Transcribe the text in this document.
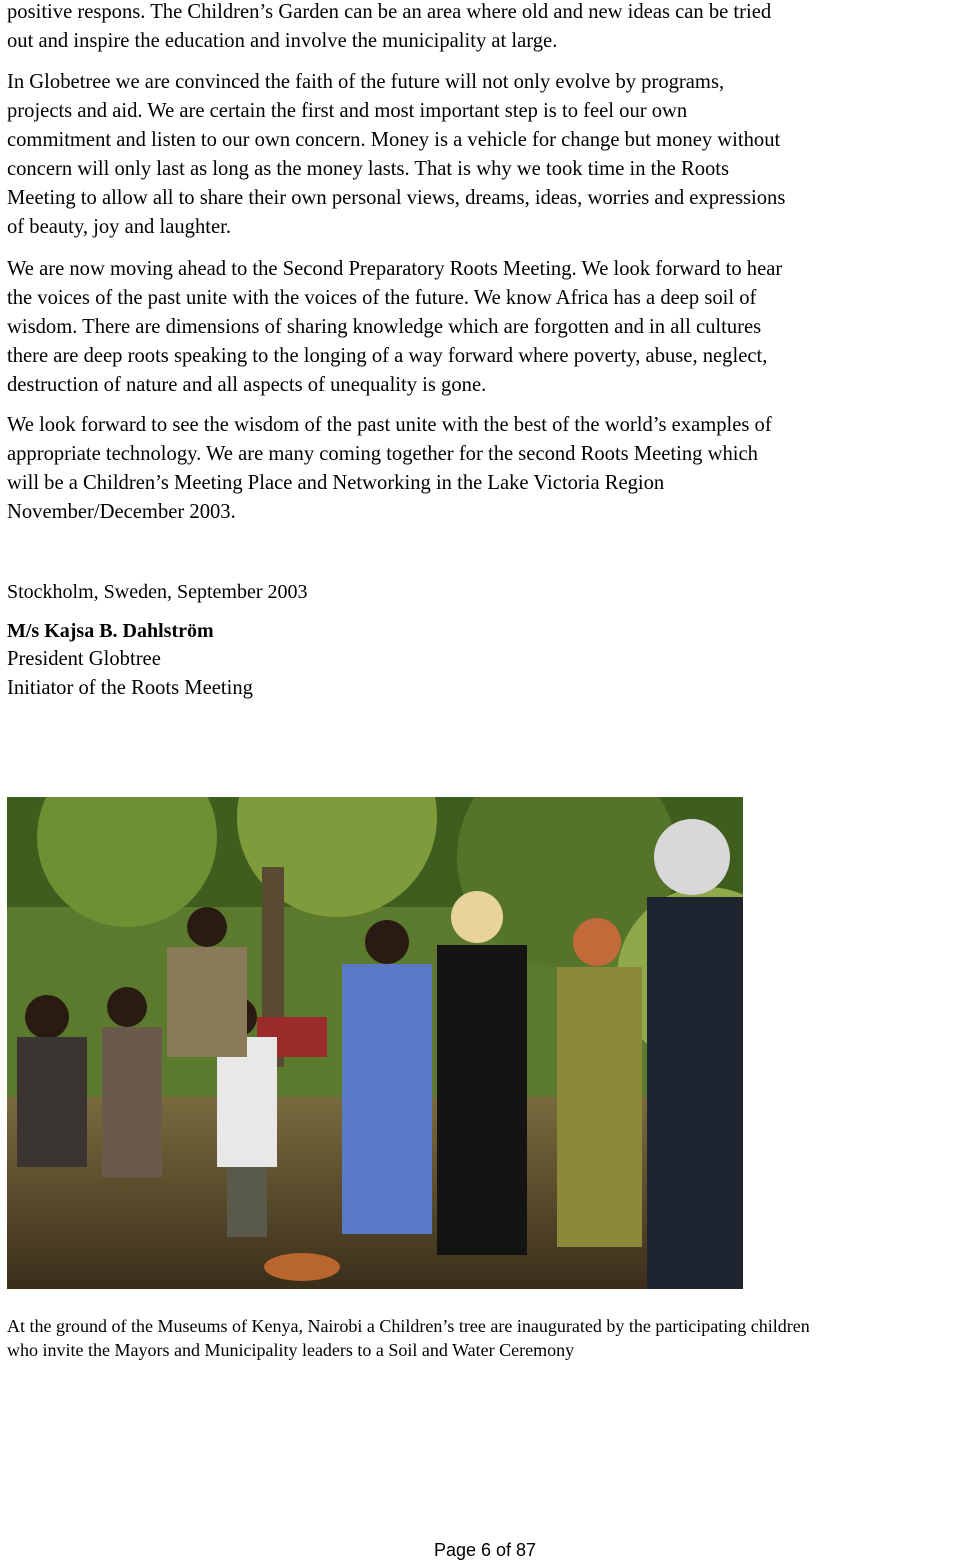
positive respons. The Children’s Garden can be an area where old and new ideas can be tried
out and inspire the education and involve the municipality at large.

In Globetree we are convinced the faith of the future will not only evolve by programs,
projects and aid. We are certain the first and most important step is to feel our own
commitment and listen to our own concern. Money is a vehicle for change but money without
concern will only last as long as the money lasts. That is why we took time in the Roots
Meeting to allow all to share their own personal views, dreams, ideas, worries and expressions
of beauty, joy and laughter.

We are now moving ahead to the Second Preparatory Roots Meeting. We look forward to hear
the voices of the past unite with the voices of the future. We know Africa has a deep soil of
wisdom. There are dimensions of sharing knowledge which are forgotten and in all cultures
there are deep roots speaking to the longing of a way forward where poverty, abuse, neglect,
destruction of nature and all aspects of unequality is gone.

We look forward to see the wisdom of the past unite with the best of the world’s examples of
appropriate technology. We are many coming together for the second Roots Meeting which
will be a Children’s Meeting Place and Networking in the Lake Victoria Region
November/December 2003.

Stockholm, Sweden, September 2003

M/s Kajsa B. Dahlström

President Globtree

Initiator of the Roots Meeting

At the ground of the Museums of Kenya, Nairobi a Children’s tree are inaugurated by the participating children
who invite the Mayors and Municipality leaders to a Soil and Water Ceremony

Page 6 of 87
